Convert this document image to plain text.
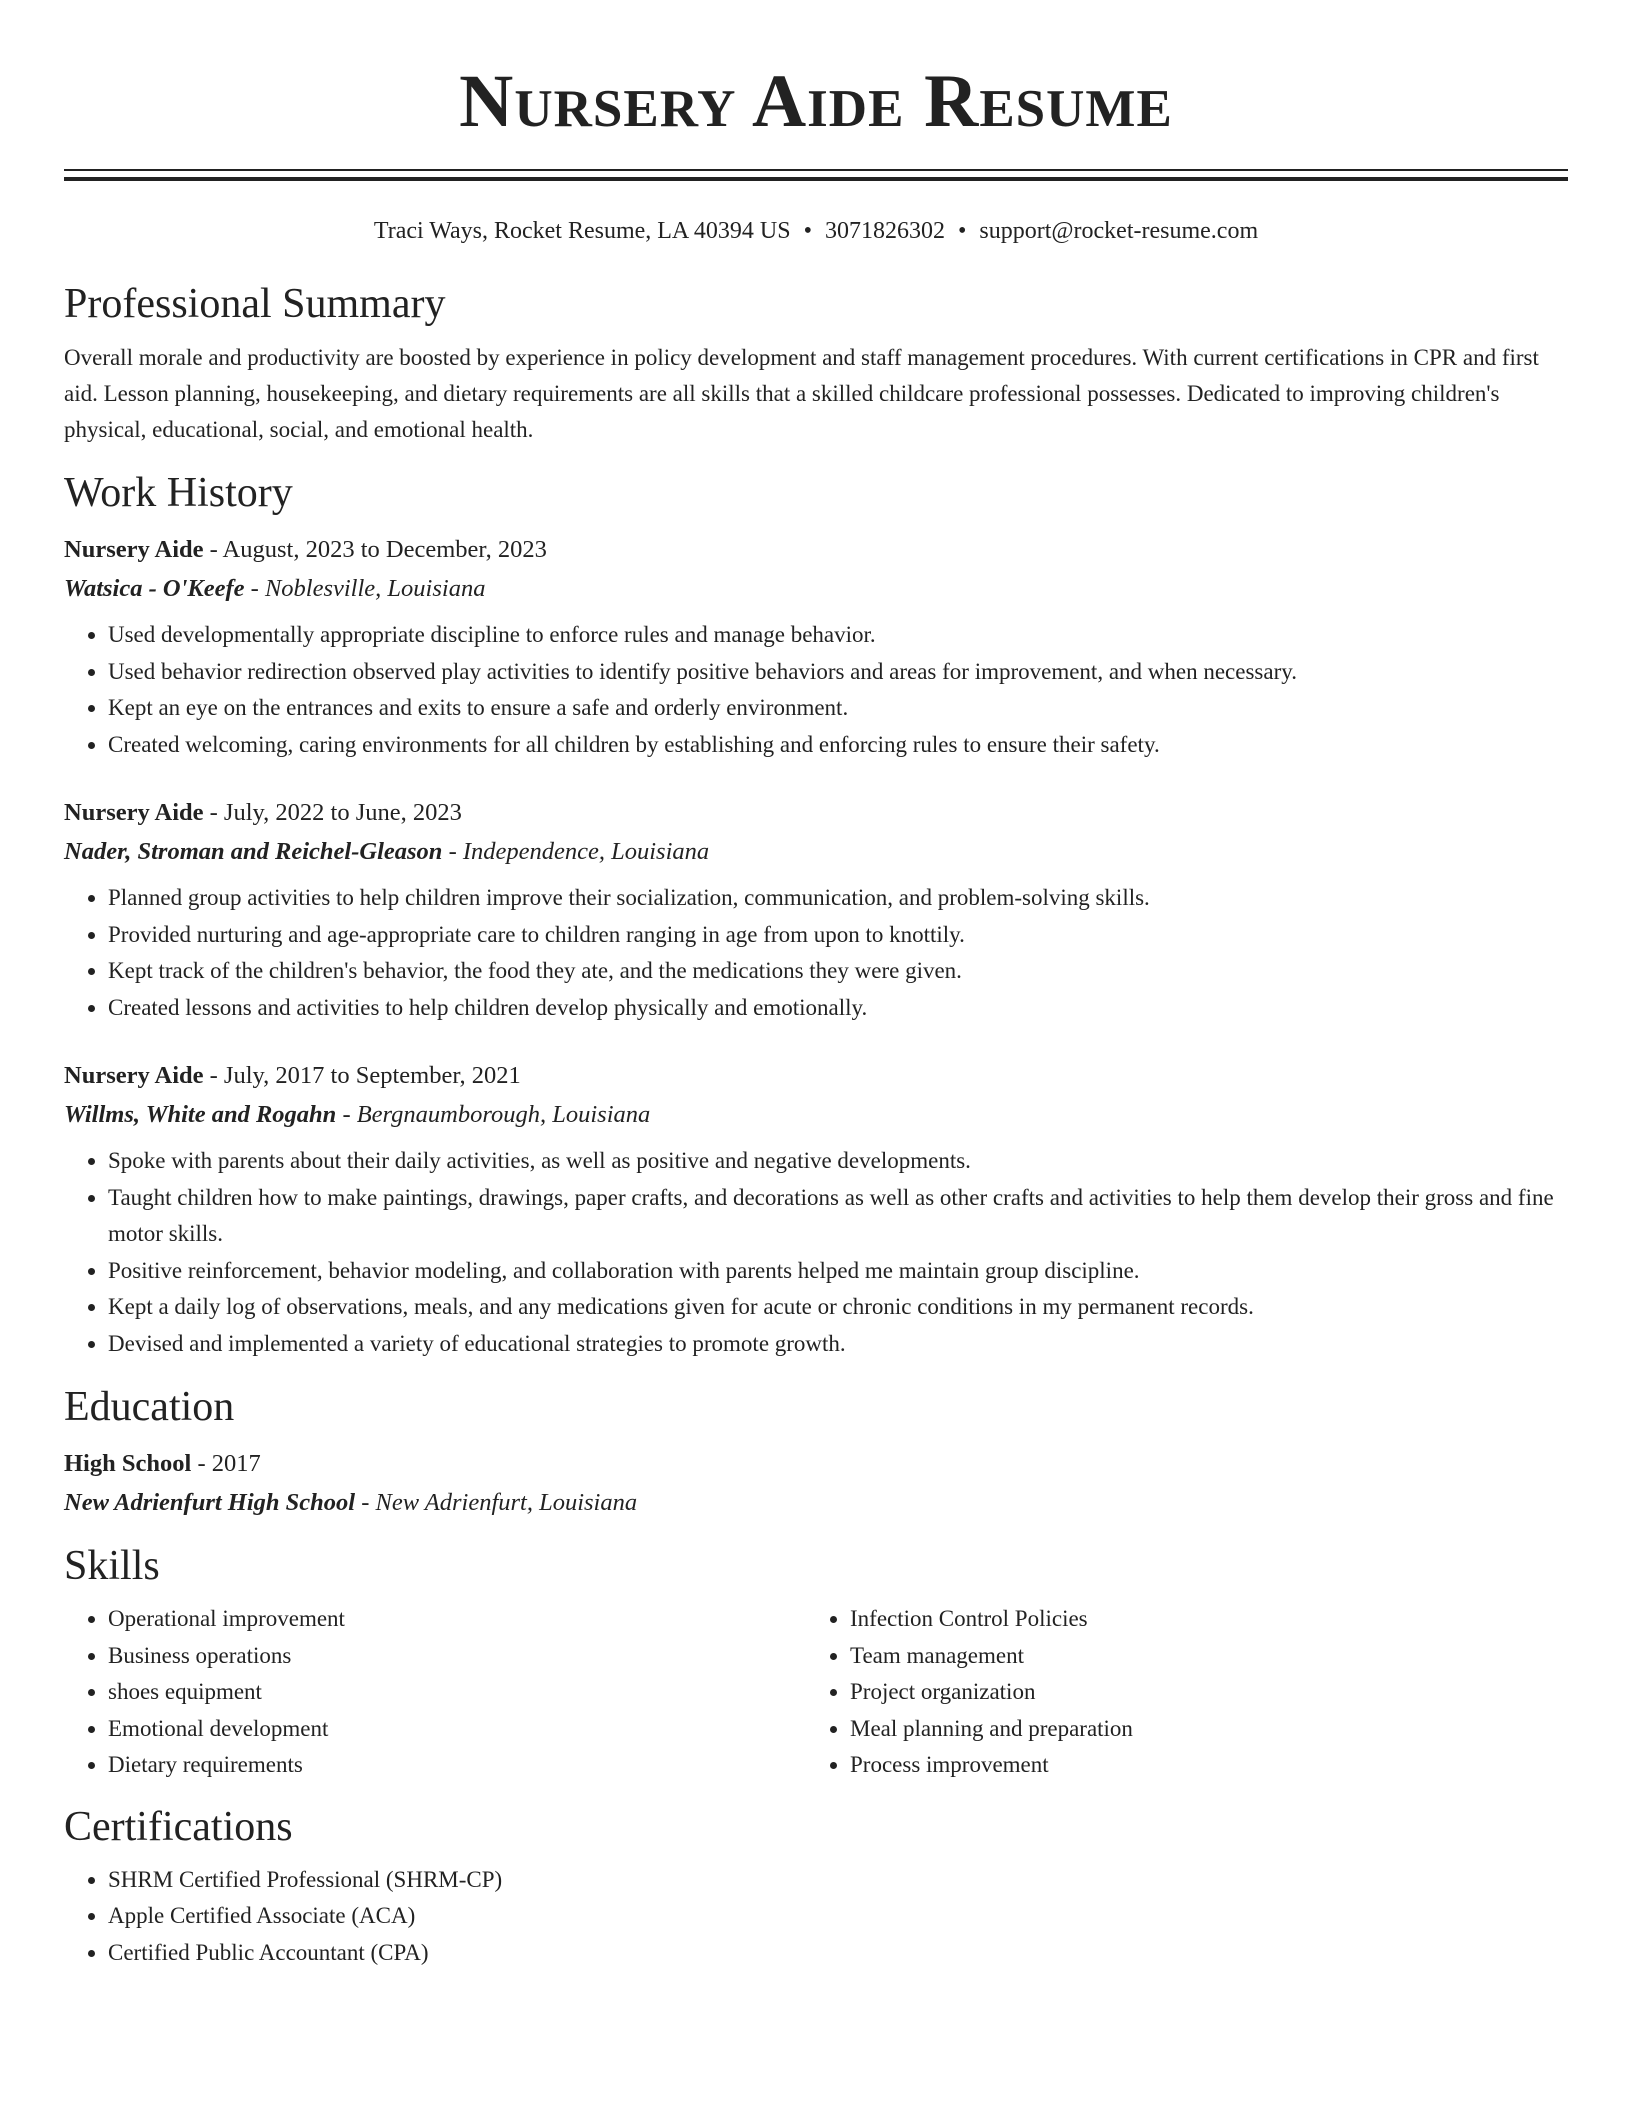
Nursery Aide Resume
Traci Ways, Rocket Resume, LA 40394 US • 3071826302 • support@rocket-resume.com
Professional Summary

Overall morale and productivity are boosted by experience in policy development and staff management procedures. With current certifications in CPR and first aid. Lesson planning, housekeeping, and dietary requirements are all skills that a skilled childcare professional possesses. Dedicated to improving children's physical, educational, social, and emotional health.

Work History

Nursery Aide - August, 2023 to December, 2023

Watsica - O'Keefe - Noblesville, Louisiana

• Used developmentally appropriate discipline to enforce rules and manage behavior.
• Used behavior redirection observed play activities to identify positive behaviors and areas for improvement, and when necessary.
• Kept an eye on the entrances and exits to ensure a safe and orderly environment.
• Created welcoming, caring environments for all children by establishing and enforcing rules to ensure their safety.

Nursery Aide - July, 2022 to June, 2023

Nader, Stroman and Reichel-Gleason - Independence, Louisiana

• Planned group activities to help children improve their socialization, communication, and problem-solving skills.
• Provided nurturing and age-appropriate care to children ranging in age from upon to knottily.
• Kept track of the children's behavior, the food they ate, and the medications they were given.
• Created lessons and activities to help children develop physically and emotionally.

Nursery Aide - July, 2017 to September, 2021

Willms, White and Rogahn - Bergnaumborough, Louisiana

• Spoke with parents about their daily activities, as well as positive and negative developments.
• Taught children how to make paintings, drawings, paper crafts, and decorations as well as other crafts and activities to help them develop their gross and fine motor skills.
• Positive reinforcement, behavior modeling, and collaboration with parents helped me maintain group discipline.
• Kept a daily log of observations, meals, and any medications given for acute or chronic conditions in my permanent records.
• Devised and implemented a variety of educational strategies to promote growth.
Education

High School - 2017

New Adrienfurt High School - New Adrienfurt, Louisiana

Skills
• Operational improvement
• Business operations
• shoes equipment
• Emotional development
• Dietary requirements
• Infection Control Policies
• Team management
• Project organization
• Meal planning and preparation
• Process improvement
Certifications
• SHRM Certified Professional (SHRM-CP)
• Apple Certified Associate (ACA)
• Certified Public Accountant (CPA)
